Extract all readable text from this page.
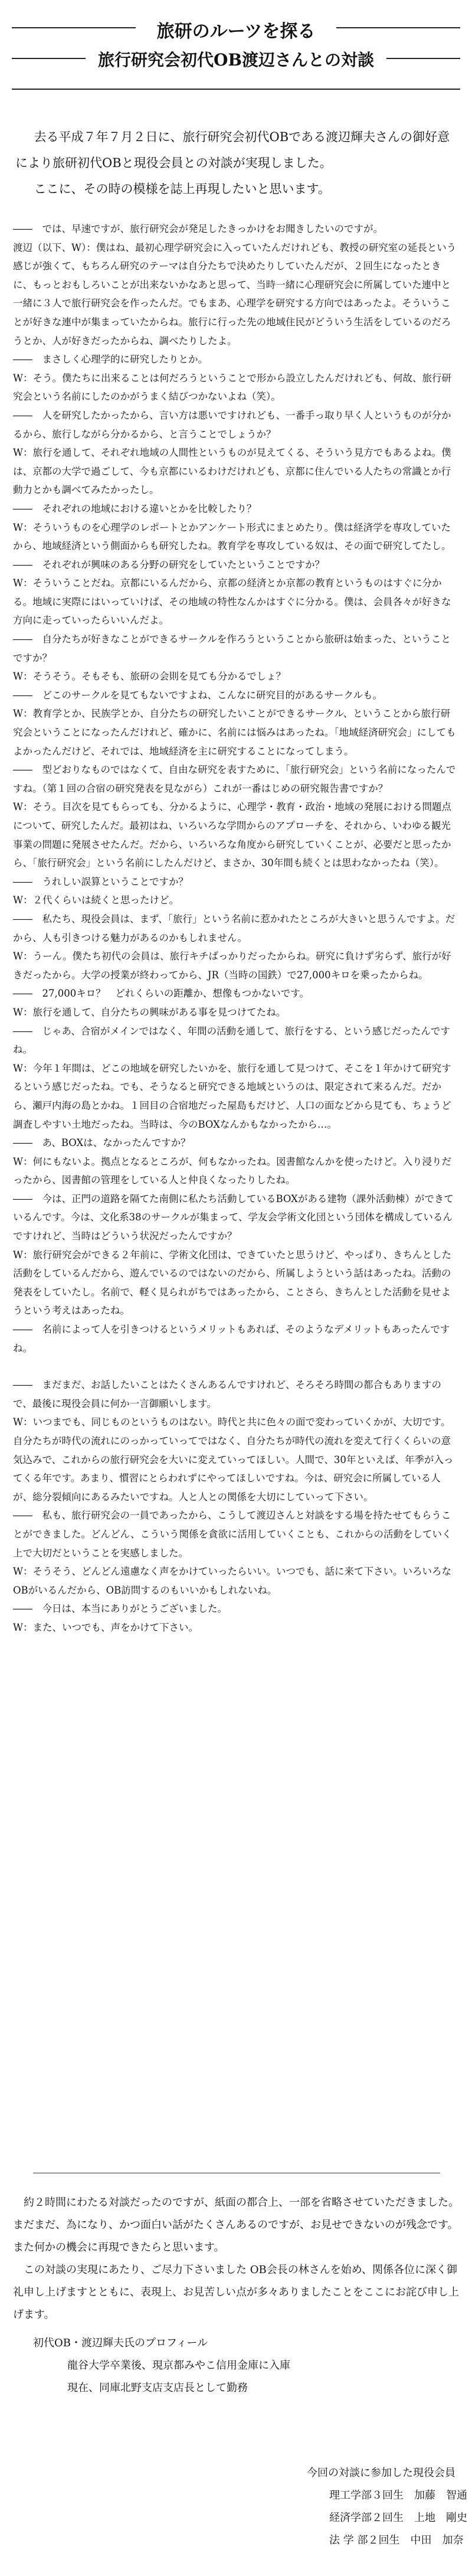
旅研のルーツを探る
旅行研究会初代OB渡辺さんとの対談

去る平成７年７月２日に、旅行研究会初代OBである渡辺輝夫さんの御好意により旅研初代OBと現役会員との対談が実現しました。

ここに、その時の模様を誌上再現したいと思います。

――　では、早速ですが、旅行研究会が発足したきっかけをお聞きしたいのですが。

渡辺（以下、W）：僕はね、最初心理学研究会に入っていたんだけれども、教授の研究室の延長という感じが強くて、もちろん研究のテーマは自分たちで決めたりしていたんだが、２回生になったときに、もっとおもしろいことが出来ないかなあと思って、当時一緒に心理研究会に所属していた連中と一緒に３人で旅行研究会を作ったんだ。でもまあ、心理学を研究する方向ではあったよ。そういうことが好きな連中が集まっていたからね。旅行に行った先の地域住民がどういう生活をしているのだろうとか、人が好きだったからね、調べたりしたよ。

――　まさしく心理学的に研究したりとか。

W：そう。僕たちに出来ることは何だろうということで形から設立したんだけれども、何故、旅行研究会という名前にしたのかがうまく結びつかないよね（笑）。

――　人を研究したかったから、言い方は悪いですけれども、一番手っ取り早く人というものが分かるから、旅行しながら分かるから、と言うことでしょうか？

W：旅行を通して、それぞれ地域の人間性というものが見えてくる、そういう見方でもあるよね。僕は、京都の大学で過ごして、今も京都にいるわけだけれども、京都に住んでいる人たちの常識とか行動力とかも調べてみたかったし。

――　それぞれの地域における違いとかを比較したり？

W：そういうものを心理学のレポートとかアンケート形式にまとめたり。僕は経済学を専攻していたから、地域経済という側面からも研究したね。教育学を専攻している奴は、その面で研究してたし。

――　それぞれが興味のある分野の研究をしていたということですか？

W：そういうことだね。京都にいるんだから、京都の経済とか京都の教育というものはすぐに分かる。地域に実際にはいっていけば、その地域の特性なんかはすぐに分かる。僕は、会員各々が好きな方向に走っていったらいいんだよ。

――　自分たちが好きなことができるサークルを作ろうということから旅研は始まった、ということですか？

W：そうそう。そもそも、旅研の会則を見ても分かるでしょ？

――　どこのサークルを見てもないですよね、こんなに研究目的があるサークルも。

W：教育学とか、民族学とか、自分たちの研究したいことができるサークル、ということから旅行研究会ということになったんだけれど、確かに、名前には悩みはあったね。「地域経済研究会」にしてもよかったんだけど、それでは、地域経済を主に研究することになってしまう。

――　型どおりなものではなくて、自由な研究を表すために、「旅行研究会」という名前になったんですね。（第１回の合宿の研究発表を見ながら）これが一番はじめの研究報告書ですか？

W：そう。目次を見てもらっても、分かるように、心理学・教育・政治・地域の発展における問題点について、研究したんだ。最初はね、いろいろな学問からのアプローチを、それから、いわゆる観光事業の問題に発展させたんだ。だから、いろいろな角度から研究していくことが、必要だと思ったから、「旅行研究会」という名前にしたんだけど、まさか、30年間も続くとは思わなかったね（笑）。

――　うれしい誤算ということですか？

W：２代くらいは続くと思ったけど。

――　私たち、現役会員は、まず、「旅行」という名前に惹かれたところが大きいと思うんですよ。だから、人も引きつける魅力があるのかもしれません。

W：うーん。僕たち初代の会員は、旅行キチばっかりだったからね。研究に負けず劣らず、旅行が好きだったから。大学の授業が終わってから、JR（当時の国鉄）で27,000キロを乗ったからね。

――　27,000キロ？　どれくらいの距離か、想像もつかないです。

W：旅行を通して、自分たちの興味がある事を見つけてたね。

――　じゃあ、合宿がメインではなく、年間の活動を通して、旅行をする、という感じだったんですね。

W：今年１年間は、どこの地域を研究したいかを、旅行を通して見つけて、そこを１年かけて研究するという感じだったね。でも、そうなると研究できる地域というのは、限定されて来るんだ。だから、瀬戸内海の島とかね。１回目の合宿地だった屋島もだけど、人口の面などから見ても、ちょうど調査しやすい土地だったね。当時は、今のBOXなんかもなかったから…。

――　あ、BOXは、なかったんですか？

W：何にもないよ。拠点となるところが、何もなかったね。図書館なんかを使ったけど。入り浸りだったから、図書館の管理をしている人と仲良くなったりしたね。

――　今は、正門の道路を隔てた南側に私たち活動しているBOXがある建物（課外活動棟）ができているんです。今は、文化系38のサークルが集まって、学友会学術文化団という団体を構成しているんですけれど、当時はどういう状況だったんですか？

W：旅行研究会ができる２年前に、学術文化団は、できていたと思うけど、やっぱり、きちんとした活動をしているんだから、遊んでいるのではないのだから、所属しようという話はあったね。活動の発表をしていたし。名前で、軽く見られがちではあったから、ことさら、きちんとした活動を見せようという考えはあったね。

――　名前によって人を引きつけるというメリットもあれば、そのようなデメリットもあったんですね。

――　まだまだ、お話したいことはたくさんあるんですけれど、そろそろ時間の都合もありますので、最後に現役会員に何か一言御願いします。

W：いつまでも、同じものというものはない。時代と共に色々の面で変わっていくかが、大切です。自分たちが時代の流れにのっかっていってではなく、自分たちが時代の流れを変えて行くくらいの意気込みで、これからの旅行研究会を大いに変えていってほしい。人間で、30年といえば、年季が入ってくる年です。あまり、慣習にとらわれずにやってほしいですね。今は、研究会に所属している人が、総分裂傾向にあるみたいですね。人と人との関係を大切にしていって下さい。

――　私も、旅行研究会の一員であったから、こうして渡辺さんと対談をする場を持たせてもらうことができました。どんどん、こういう関係を貪欲に活用していくことも、これからの活動をしていく上で大切だということを実感しました。

W：そうそう、どんどん遠慮なく声をかけていったらいい。いつでも、話に来て下さい。いろいろなOBがいるんだから、OB訪問するのもいいかもしれないね。

――　今日は、本当にありがとうございました。

W：また、いつでも、声をかけて下さい。

約２時間にわたる対談だったのですが、紙面の都合上、一部を省略させていただきました。まだまだ、為になり、かつ面白い話がたくさんあるのですが、お見せできないのが残念です。また何かの機会に再現できたらと思います。

この対談の実現にあたり、ご尽力下さいました OB会長の林さんを始め、関係各位に深く御礼申し上げますとともに、表現上、お見苦しい点が多々ありましたことをここにお詫び申し上げます。

初代OB・渡辺輝夫氏のプロフィール
龍谷大学卒業後、現京都みやこ信用金庫に入庫
現在、同庫北野支店支店長として勤務
今回の対談に参加した現役会員
理工学部３回生　加藤　智通
経済学部２回生　上地　剛史
法 学 部２回生　中田　加奈
